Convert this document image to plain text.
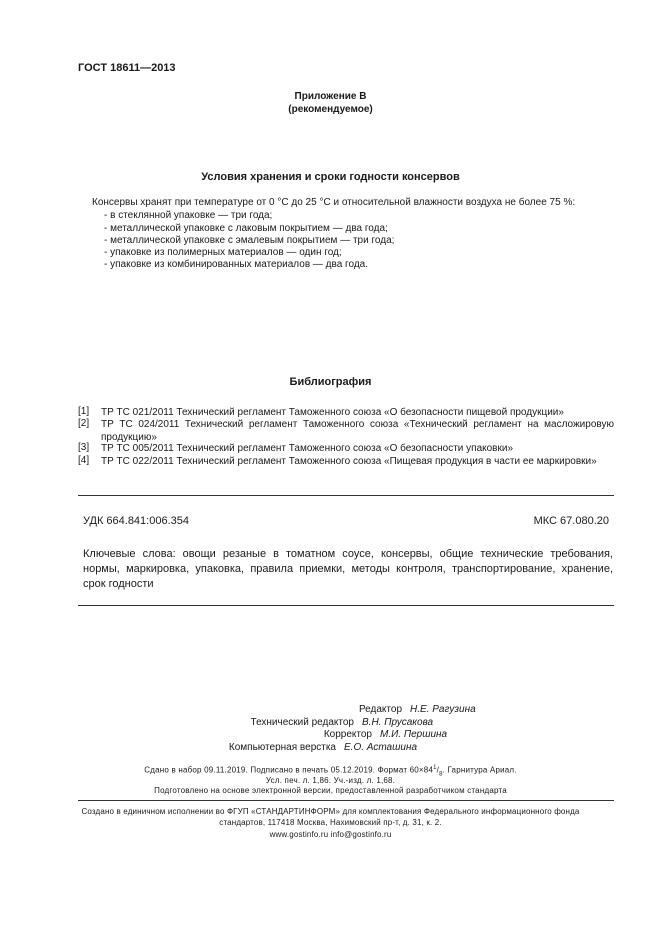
ГОСТ 18611—2013
Приложение В
(рекомендуемое)
Условия хранения и сроки годности консервов
Консервы хранят при температуре от 0 °С до 25 °С и относительной влажности воздуха не более 75 %:
- в стеклянной упаковке — три года;
- металлической упаковке с лаковым покрытием — два года;
- металлической упаковке с эмалевым покрытием — три года;
- упаковке из полимерных материалов — один год;
- упаковке из комбинированных материалов — два года.
Библиография
[1] ТР ТС 021/2011 Технический регламент Таможенного союза «О безопасности пищевой продукции»
[2] ТР ТС 024/2011 Технический регламент Таможенного союза «Технический регламент на масложировую продукцию»
[3] ТР ТС 005/2011 Технический регламент Таможенного союза «О безопасности упаковки»
[4] ТР ТС 022/2011 Технический регламент Таможенного союза «Пищевая продукция в части ее маркировки»
УДК 664.841:006.354	МКС 67.080.20
Ключевые слова: овощи резаные в томатном соусе, консервы, общие технические требования, нормы, маркировка, упаковка, правила приемки, методы контроля, транспортирование, хранение, срок годности
Редактор Н.Е. Рагузина
Технический редактор В.Н. Прусакова
Корректор М.И. Першина
Компьютерная верстка Е.О. Асташина
Сдано в набор 09.11.2019. Подписано в печать 05.12.2019. Формат $60\times 84^1/_8$. Гарнитура Ариал.
Усл. печ. л. 1,86. Уч.-изд. л. 1,68.
Подготовлено на основе электронной версии, предоставленной разработчиком стандарта
Создано в единичном исполнении во ФГУП «СТАНДАРТИНФОРМ» для комплектования Федерального информационного фонда
стандартов, 117418 Москва, Нахимовский пр-т, д. 31, к. 2.
www.gostinfo.ru info@gostinfo.ru
